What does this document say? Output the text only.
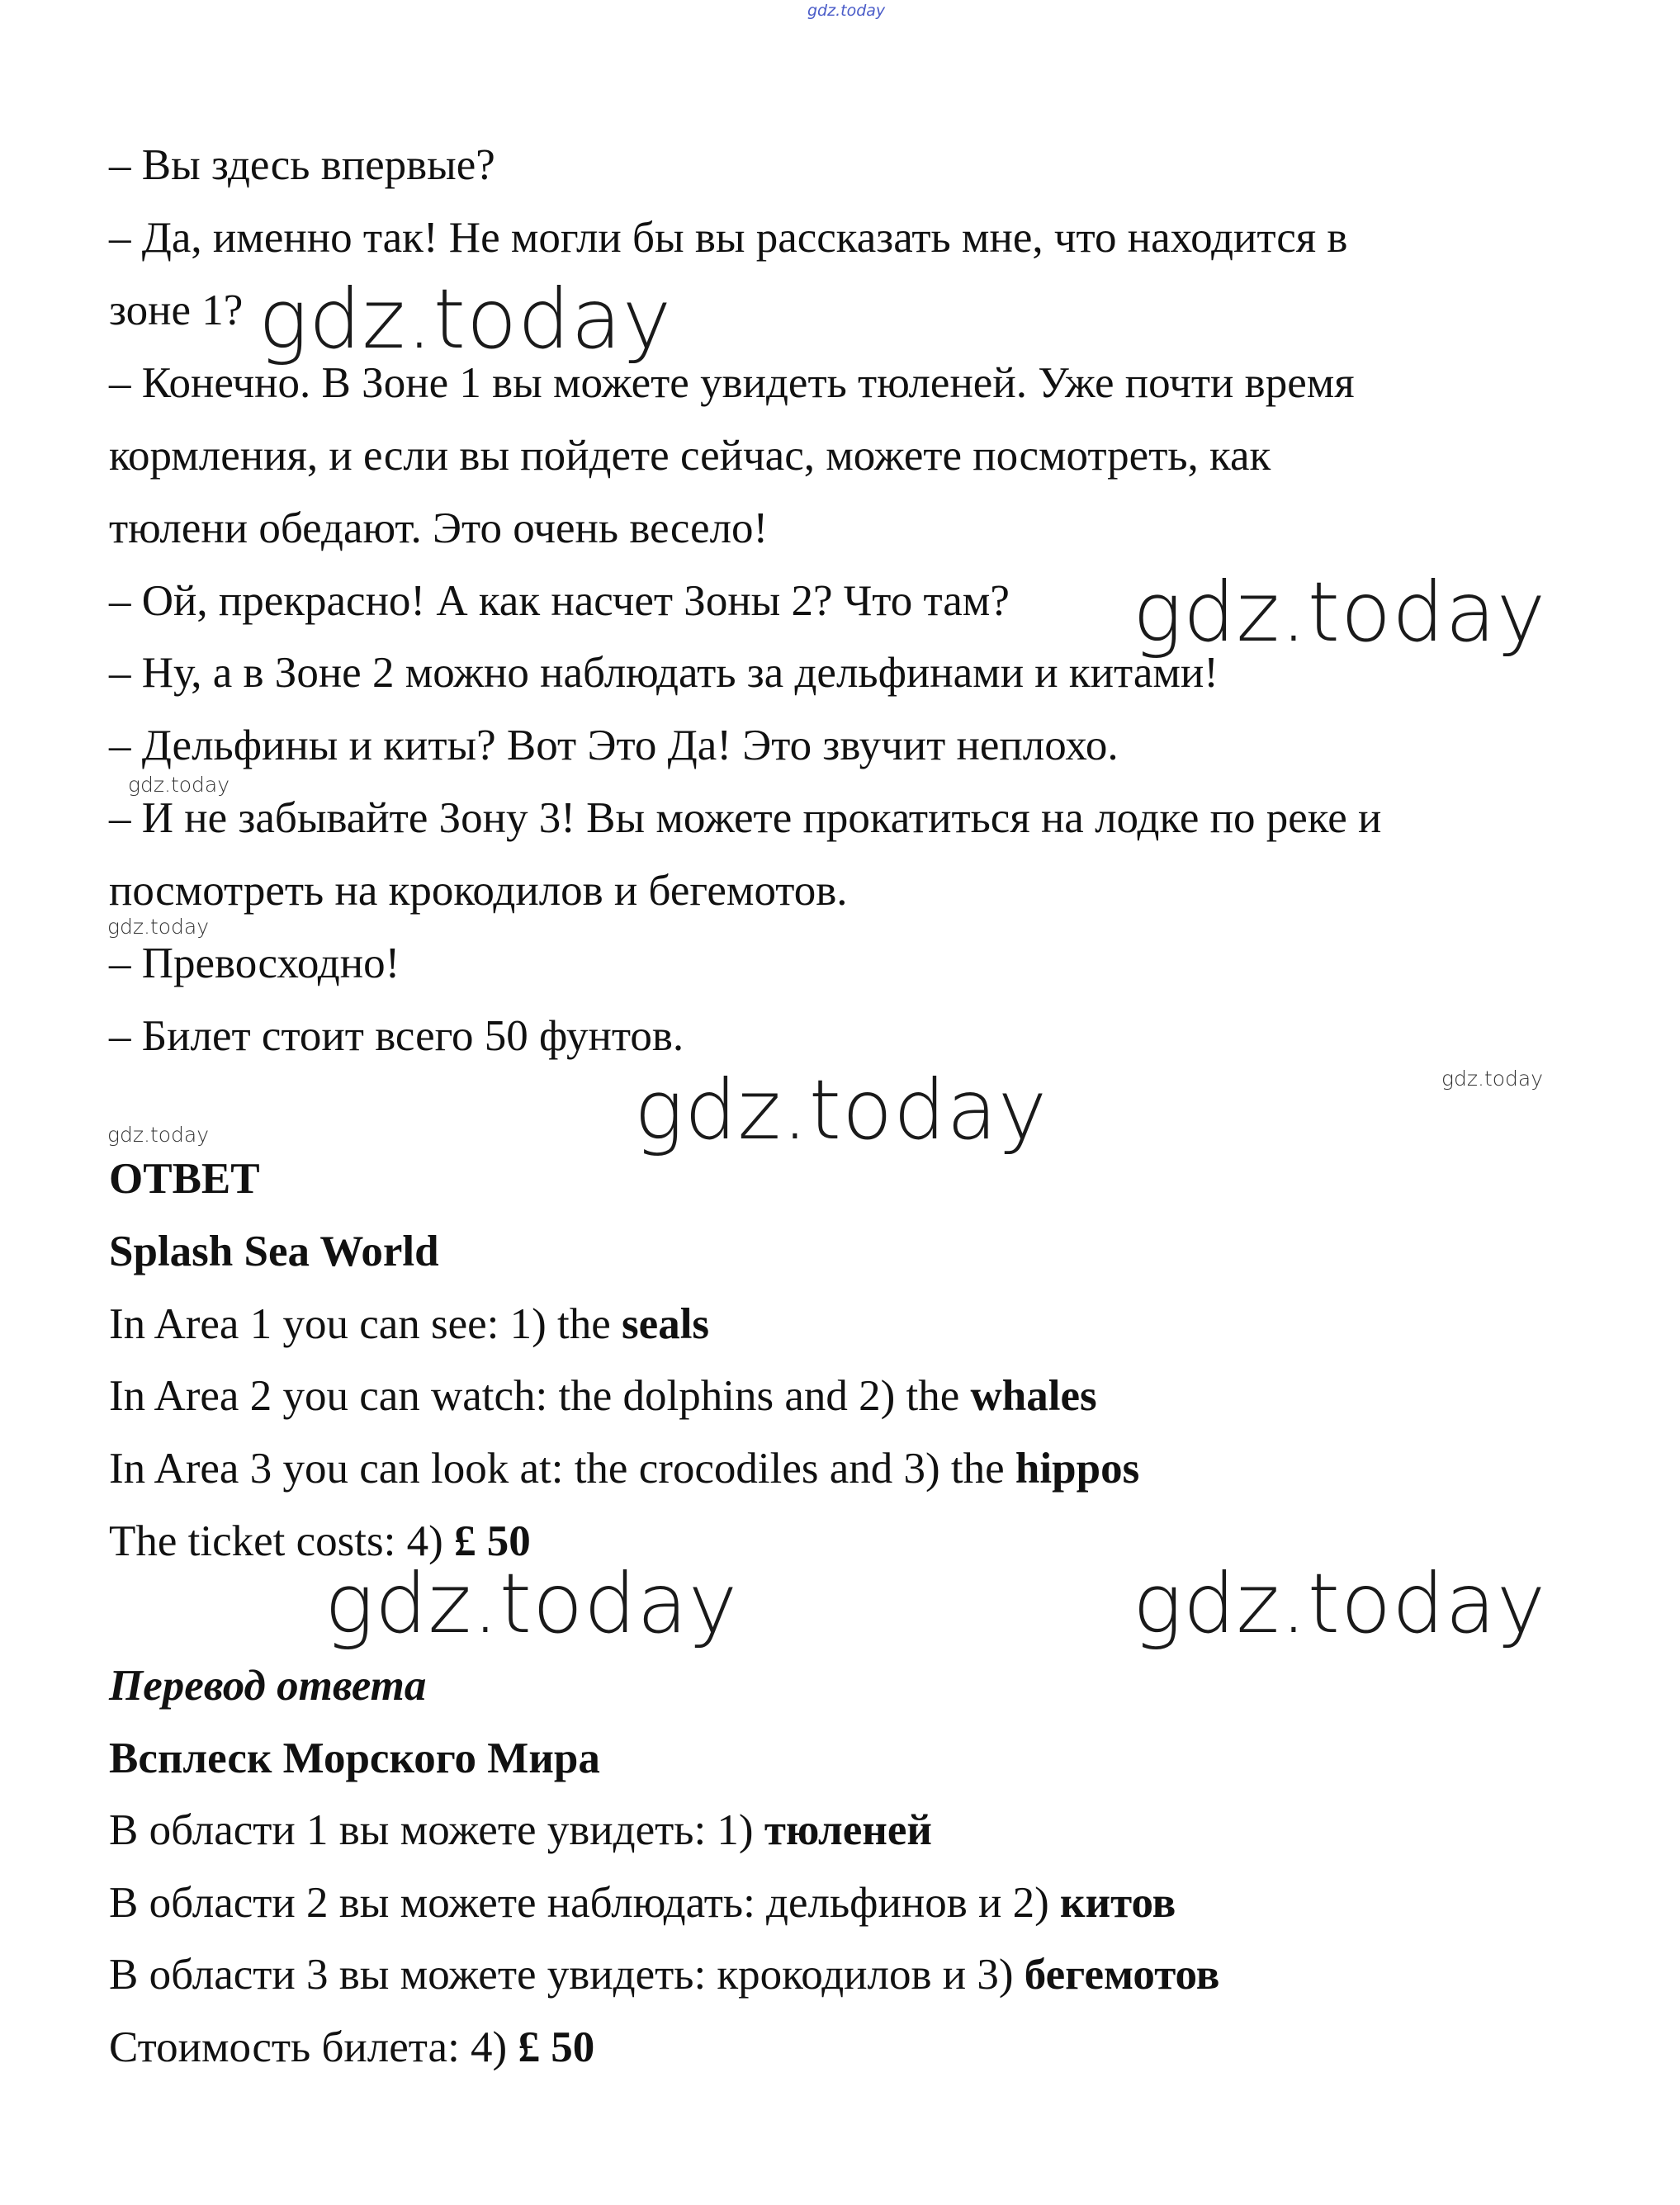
gdz.today
– Вы здесь впервые?
– Да, именно так! Не могли бы вы рассказать мне, что находится в
зоне 1?
– Конечно. В Зоне 1 вы можете увидеть тюленей. Уже почти время
кормления, и если вы пойдете сейчас, можете посмотреть, как
тюлени обедают. Это очень весело!
– Ой, прекрасно! А как насчет Зоны 2? Что там?
– Ну, а в Зоне 2 можно наблюдать за дельфинами и китами!
– Дельфины и киты? Вот Это Да! Это звучит неплохо.
– И не забывайте Зону 3! Вы можете прокатиться на лодке по реке и
посмотреть на крокодилов и бегемотов.
– Превосходно!
– Билет стоит всего 50 фунтов.
ОТВЕТ
Splash Sea World
In Area 1 you can see: 1) the seals
In Area 2 you can watch: the dolphins and 2) the whales
In Area 3 you can look at: the crocodiles and 3) the hippos
The ticket costs: 4) £ 50
Перевод ответа
Всплеск Морского Мира
В области 1 вы можете увидеть: 1) тюленей
В области 2 вы можете наблюдать: дельфинов и 2) китов
В области 3 вы можете увидеть: крокодилов и 3) бегемотов
Стоимость билета: 4) £ 50
gdz.today
gdz.today
gdz.today
gdz.today
gdz.today
gdz.today
gdz.today
gdz.today	gdz.today
